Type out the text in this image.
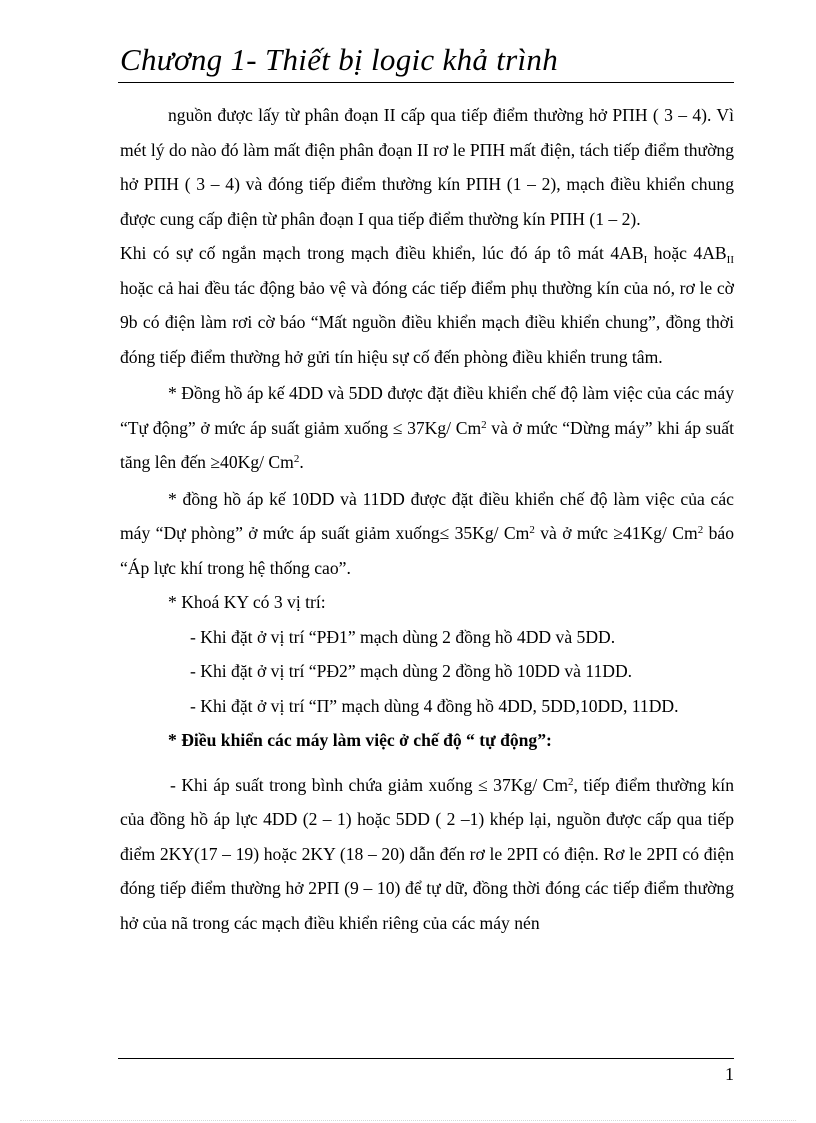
Chương 1- Thiết bị logic khả trình

nguồn được lấy từ phân đoạn II cấp qua tiếp điểm thường hở PΠH ( 3 – 4). Vì mét lý do nào đó làm mất điện phân đoạn II rơ le PΠH mất điện, tách tiếp điểm thường hở PΠH ( 3 – 4) và đóng tiếp điểm thường kín PΠH (1 – 2), mạch điều khiển chung được cung cấp điện từ phân đoạn I qua tiếp điểm thường kín PΠH (1 – 2).

Khi có sự cố ngắn mạch trong mạch điều khiển, lúc đó áp tô mát $4AB_I$ hoặc $4AB_{II}$ hoặc cả hai đều tác động bảo vệ và đóng các tiếp điểm phụ thường kín của nó, rơ le cờ 9b có điện làm rơi cờ báo “Mất nguồn điều khiển mạch điều khiển chung”, đồng thời đóng tiếp điểm thường hở gửi tín hiệu sự cố đến phòng điều khiển trung tâm.

* Đồng hồ áp kế 4DD và 5DD được đặt điều khiển chế độ làm việc của các máy “Tự động” ở mức áp suất giảm xuống ≤ 37Kg/ Cm$^2$ và ở mức “Dừng máy” khi áp suất tăng lên đến ≥40Kg/ Cm$^2$.

* đồng hồ áp kế 10DD và 11DD được đặt điều khiển chế độ làm việc của các máy “Dự phòng” ở mức áp suất giảm xuống≤ 35Kg/ Cm$^2$ và ở mức ≥41Kg/ Cm$^2$ báo “Áp lực khí trong hệ thống cao”.

* Khoá KY có 3 vị trí:

- Khi đặt ở vị trí “PĐ1” mạch dùng 2 đồng hồ 4DD và 5DD.

- Khi đặt ở vị trí “PĐ2” mạch dùng 2 đồng hồ 10DD và 11DD.

- Khi đặt ở vị trí “Π” mạch dùng 4 đồng hồ 4DD, 5DD,10DD, 11DD.

* Điều khiển các máy làm việc ở chế độ “ tự động”:

- Khi áp suất trong bình chứa giảm xuống ≤ 37Kg/ Cm$^2$, tiếp điểm thường kín của đồng hồ áp lực 4DD (2 – 1) hoặc 5DD ( 2 –1) khép lại, nguồn được cấp qua tiếp điểm 2KY(17 – 19) hoặc 2KY (18 – 20) dẫn đến rơ le 2PΠ có điện. Rơ le 2PΠ có điện đóng tiếp điểm thường hở 2PΠ (9 – 10) để tự dữ, đồng thời đóng các tiếp điểm thường hở của nã trong các mạch điều khiển riêng của các máy nén

1
